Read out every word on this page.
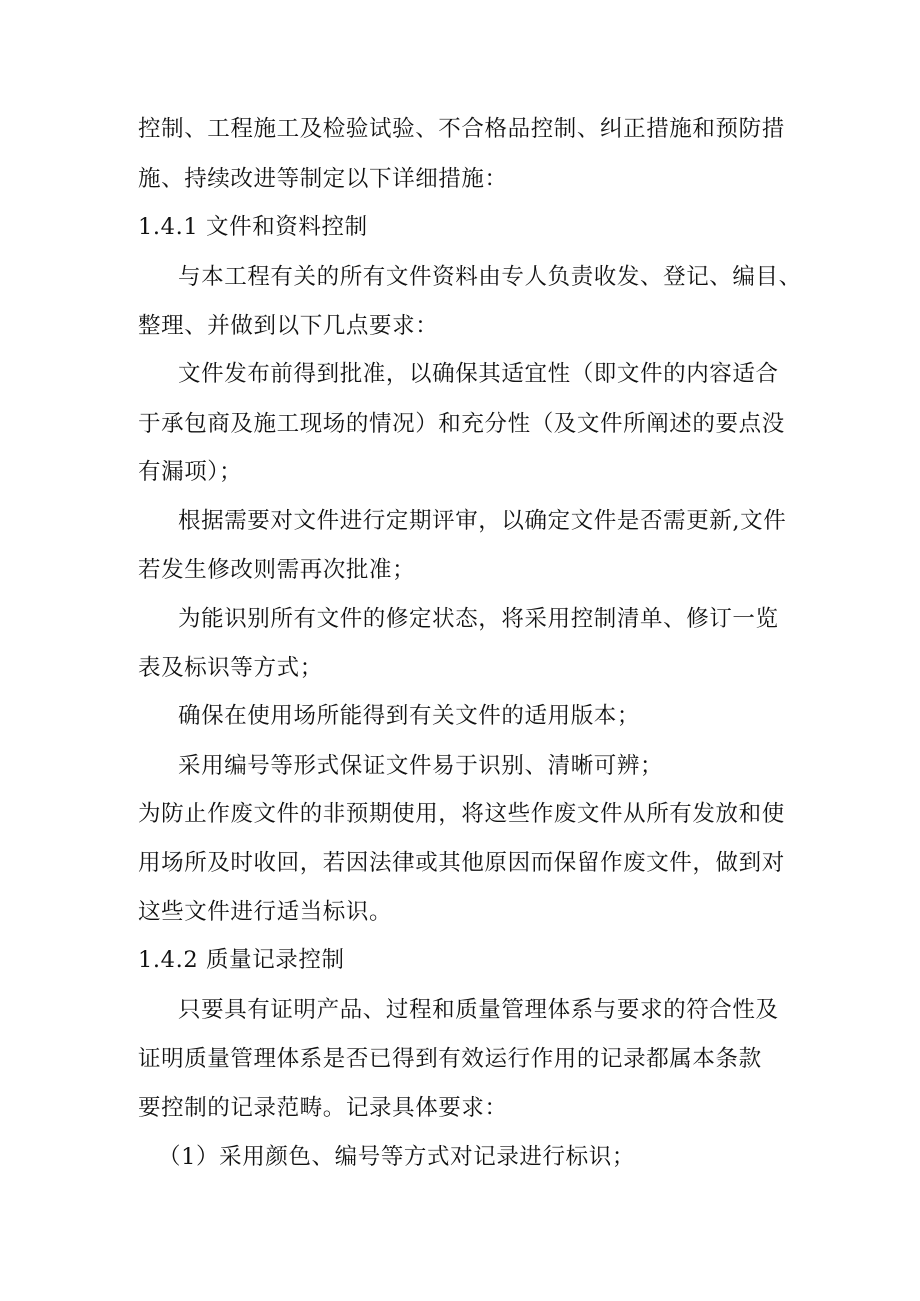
控制、工程施工及检验试验、不合格品控制、纠正措施和预防措
施、持续改进等制定以下详细措施：
1.4.1 文件和资料控制
与本工程有关的所有文件资料由专人负责收发、登记、编目、
整理、并做到以下几点要求：
文件发布前得到批准，以确保其适宜性（即文件的内容适合
于承包商及施工现场的情况）和充分性（及文件所阐述的要点没
有漏项）；
根据需要对文件进行定期评审，以确定文件是否需更新,文件
若发生修改则需再次批准；
为能识别所有文件的修定状态，将采用控制清单、修订一览
表及标识等方式；
确保在使用场所能得到有关文件的适用版本；
采用编号等形式保证文件易于识别、清晰可辨；
为防止作废文件的非预期使用，将这些作废文件从所有发放和使
用场所及时收回，若因法律或其他原因而保留作废文件，做到对
这些文件进行适当标识。
1.4.2 质量记录控制
只要具有证明产品、过程和质量管理体系与要求的符合性及
证明质量管理体系是否已得到有效运行作用的记录都属本条款
要控制的记录范畴。记录具体要求：
（1）采用颜色、编号等方式对记录进行标识；
